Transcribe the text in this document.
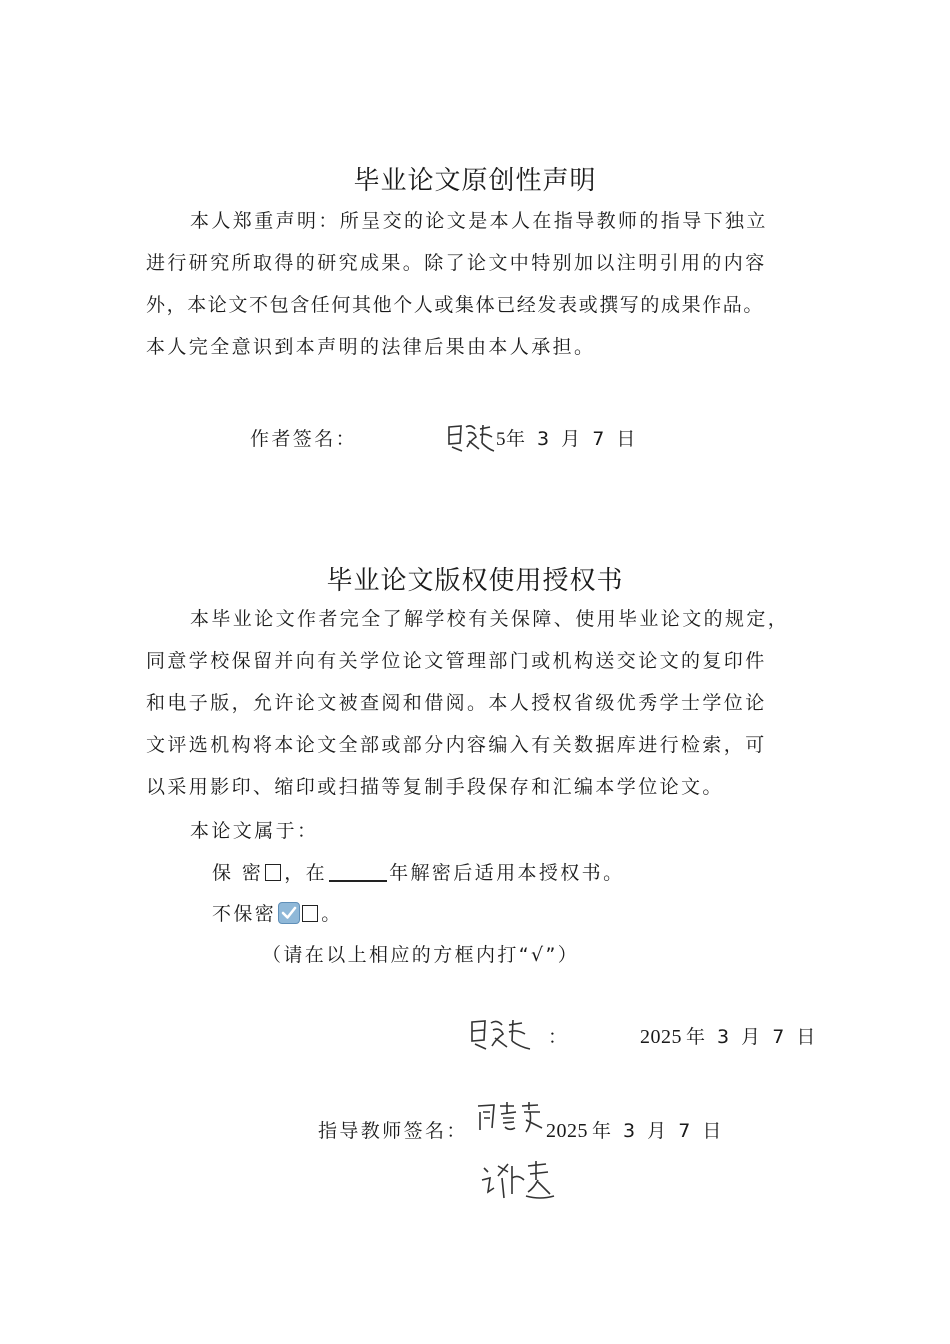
毕业论文原创性声明
本人郑重声明：所呈交的论文是本人在指导教师的指导下独立
进行研究所取得的研究成果。除了论文中特别加以注明引用的内容
外，本论文不包含任何其他个人或集体已经发表或撰写的成果作品。
本人完全意识到本声明的法律后果由本人承担。
作者签名：	5年 3 月 7 日
毕业论文版权使用授权书
本毕业论文作者完全了解学校有关保障、使用毕业论文的规定，
同意学校保留并向有关学位论文管理部门或机构送交论文的复印件
和电子版，允许论文被查阅和借阅。本人授权省级优秀学士学位论
文评选机构将本论文全部或部分内容编入有关数据库进行检索，可
以采用影印、缩印或扫描等复制手段保存和汇编本学位论文。
本论文属于：
保 密 ，在	年解密后适用本授权书。
不保密 。
（请在以上相应的方框内打“√”）
：	2025 年 3 月 7 日
指导教师签名：	2025 年 3 月 7 日
